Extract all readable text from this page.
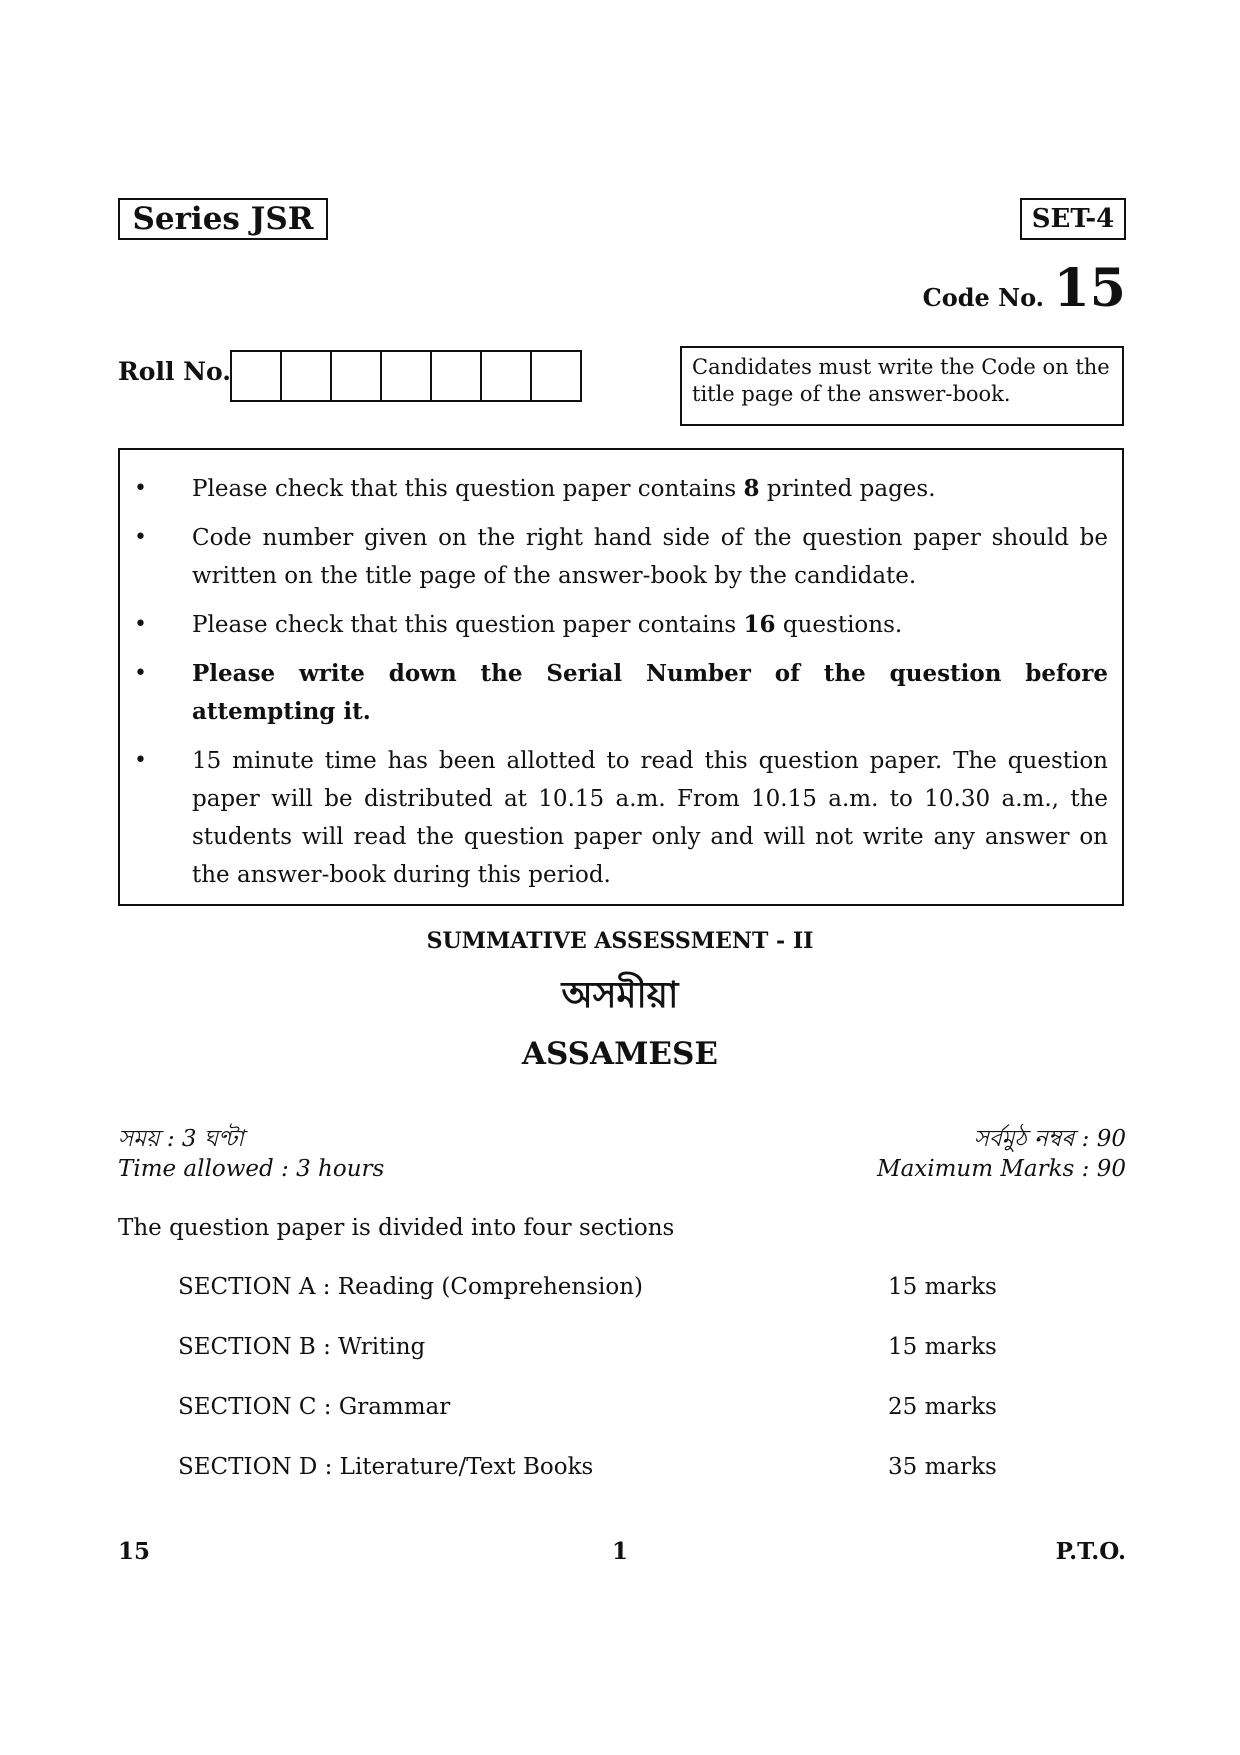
Series JSR	SET-4
Code No. 15
Roll No.	Candidates must write the Code on the title page of the answer-book.
• Please check that this question paper contains 8 printed pages.
• Code number given on the right hand side of the question paper should be written on the title page of the answer-book by the candidate.
• Please check that this question paper contains 16 questions.
• Please write down the Serial Number of the question before attempting it.
• 15 minute time has been allotted to read this question paper. The question paper will be distributed at 10.15 a.m. From 10.15 a.m. to 10.30 a.m., the students will read the question paper only and will not write any answer on the answer-book during this period.
SUMMATIVE ASSESSMENT - II
অসমীয়া
ASSAMESE
সময় : 3 ঘণ্টা
Time allowed : 3 hours
সৰ্বমুঠ নম্বৰ : 90
Maximum Marks : 90
The question paper is divided into four sections
SECTION A : Reading (Comprehension)	15 marks
SECTION B : Writing	15 marks
SECTION C : Grammar	25 marks
SECTION D : Literature/Text Books	35 marks
15	1	P.T.O.
